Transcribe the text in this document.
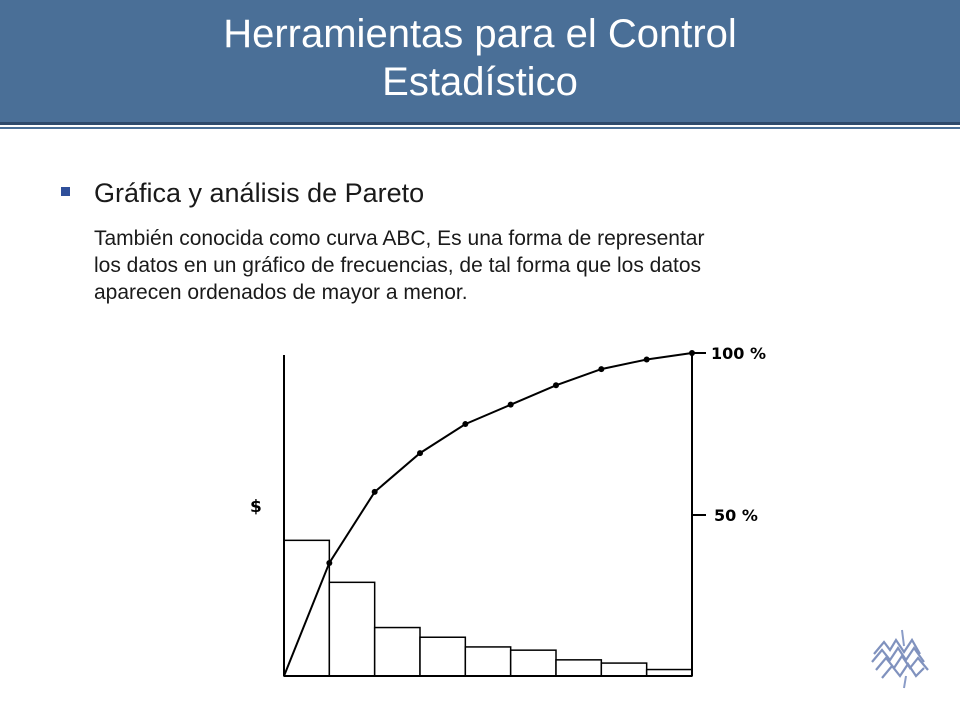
Herramientas para el Control
Estadístico
Gráfica y análisis de Pareto
También conocida como curva ABC, Es una forma de representar
los datos en un gráfico de frecuencias, de tal forma que los datos
aparecen ordenados de mayor a menor.
$
100 %
50 %
